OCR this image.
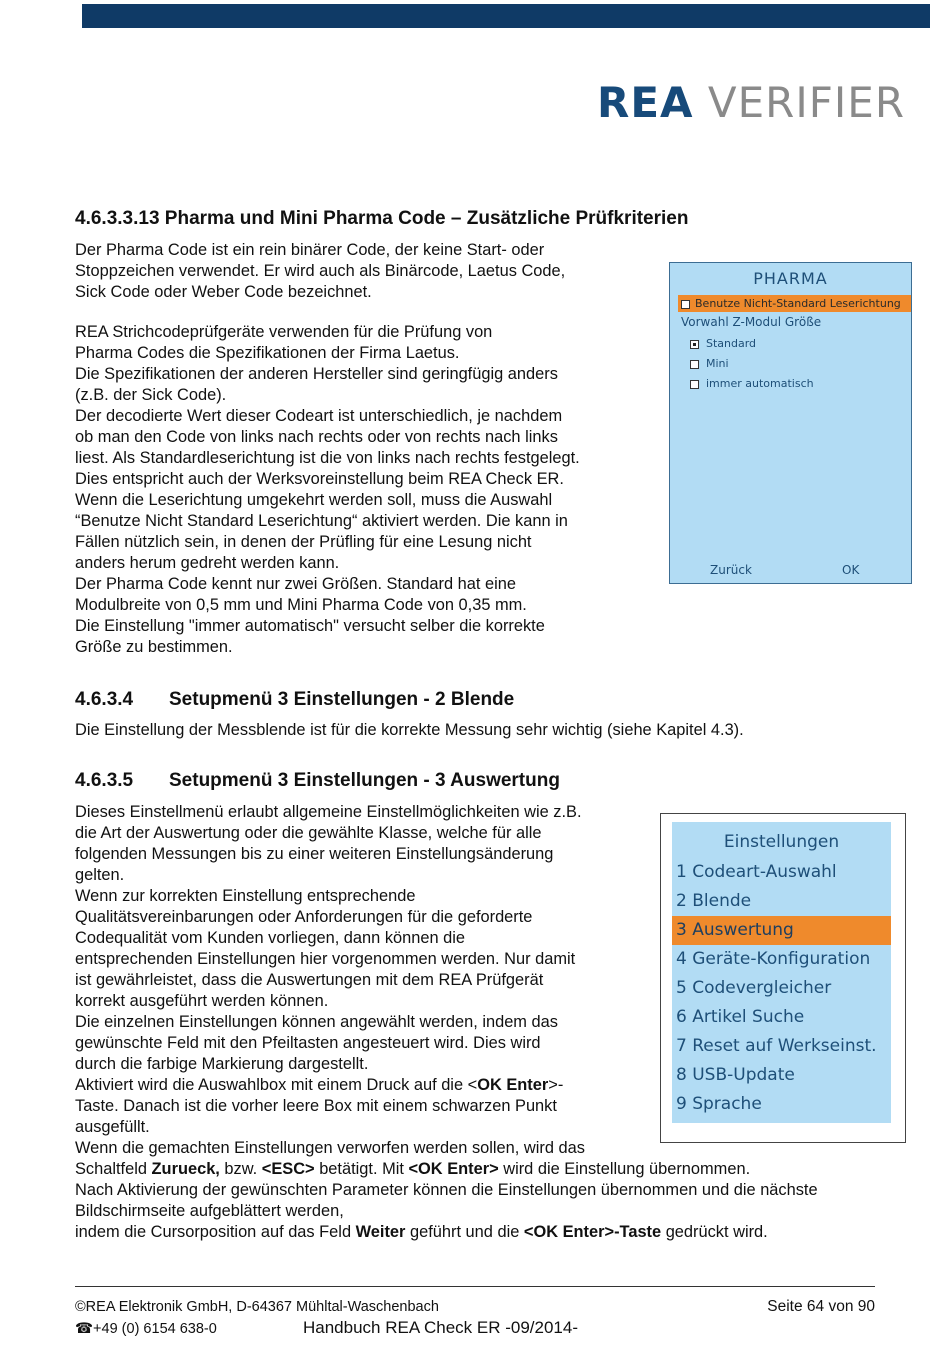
REA VERIFIER
4.6.3.3.13 Pharma und Mini Pharma Code – Zusätzliche Prüfkriterien

Der Pharma Code ist ein rein binärer Code, der keine Start- oder

Stoppzeichen verwendet. Er wird auch als Binärcode, Laetus Code,

Sick Code oder Weber Code bezeichnet.

REA Strichcodeprüfgeräte verwenden für die Prüfung von

Pharma Codes die Spezifikationen der Firma Laetus.

Die Spezifikationen der anderen Hersteller sind geringfügig anders

(z.B. der Sick Code).

Der decodierte Wert dieser Codeart ist unterschiedlich, je nachdem

ob man den Code von links nach rechts oder von rechts nach links

liest. Als Standardleserichtung ist die von links nach rechts festgelegt.

Dies entspricht auch der Werksvoreinstellung beim REA Check ER.

Wenn die Leserichtung umgekehrt werden soll, muss die Auswahl

“Benutze Nicht Standard Leserichtung“ aktiviert werden. Die kann in

Fällen nützlich sein, in denen der Prüfling für eine Lesung nicht

anders herum gedreht werden kann.

Der Pharma Code kennt nur zwei Größen. Standard hat eine

Modulbreite von 0,5 mm und Mini Pharma Code von 0,35 mm.

Die Einstellung "immer automatisch" versucht selber die korrekte

Größe zu bestimmen.

PHARMA
Benutze Nicht-Standard Leserichtung
Vorwahl Z-Modul Größe
Standard
Mini
immer automatisch
Zurück	OK
4.6.3.4 Setupmenü 3 Einstellungen - 2 Blende

Die Einstellung der Messblende ist für die korrekte Messung sehr wichtig (siehe Kapitel 4.3).

4.6.3.5 Setupmenü 3 Einstellungen - 3 Auswertung

Dieses Einstellmenü erlaubt allgemeine Einstellmöglichkeiten wie z.B.

die Art der Auswertung oder die gewählte Klasse, welche für alle

folgenden Messungen bis zu einer weiteren Einstellungsänderung

gelten.

Wenn zur korrekten Einstellung entsprechende

Qualitätsvereinbarungen oder Anforderungen für die geforderte

Codequalität vom Kunden vorliegen, dann können die

entsprechenden Einstellungen hier vorgenommen werden. Nur damit

ist gewährleistet, dass die Auswertungen mit dem REA Prüfgerät

korrekt ausgeführt werden können.

Die einzelnen Einstellungen können angewählt werden, indem das

gewünschte Feld mit den Pfeiltasten angesteuert wird. Dies wird

durch die farbige Markierung dargestellt.

Aktiviert wird die Auswahlbox mit einem Druck auf die <OK Enter>-

Taste. Danach ist die vorher leere Box mit einem schwarzen Punkt

ausgefüllt.

Wenn die gemachten Einstellungen verworfen werden sollen, wird das

Schaltfeld Zurueck, bzw. <ESC> betätigt. Mit <OK Enter> wird die Einstellung übernommen.

Nach Aktivierung der gewünschten Parameter können die Einstellungen übernommen und die nächste

Bildschirmseite aufgeblättert werden,

indem die Cursorposition auf das Feld Weiter geführt und die <OK Enter>-Taste gedrückt wird.

Einstellungen
1 Codeart-Auswahl
2 Blende
3 Auswertung
4 Geräte-Konfiguration
5 Codevergleicher
6 Artikel Suche
7 Reset auf Werkseinst.
8 USB-Update
9 Sprache
©REA Elektronik GmbH, D-64367 Mühltal-Waschenbach	Seite 64 von 90
☎+49 (0) 6154 638-0	Handbuch REA Check ER -09/2014-
